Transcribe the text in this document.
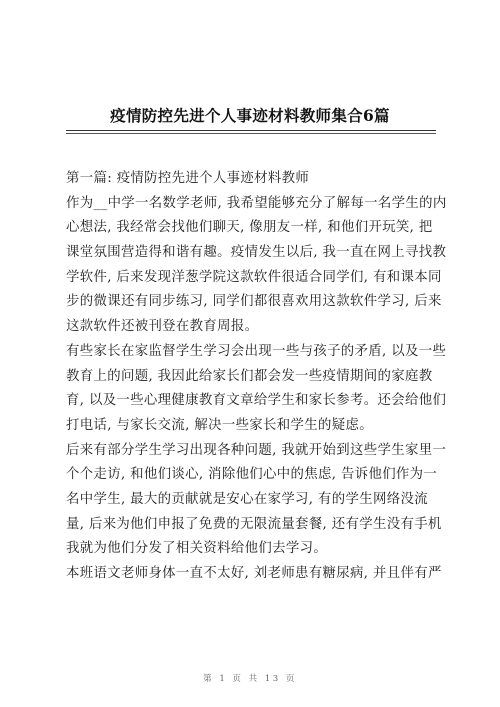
疫情防控先进个人事迹材料教师集合6篇
第一篇: 疫情防控先进个人事迹材料教师
作为__中学一名数学老师, 我希望能够充分了解每一名学生的内
心想法, 我经常会找他们聊天, 像朋友一样, 和他们开玩笑, 把
课堂氛围营造得和谐有趣。疫情发生以后, 我一直在网上寻找教
学软件, 后来发现洋葱学院这款软件很适合同学们, 有和课本同
步的微课还有同步练习, 同学们都很喜欢用这款软件学习, 后来
这款软件还被刊登在教育周报。
有些家长在家监督学生学习会出现一些与孩子的矛盾, 以及一些
教育上的问题, 我因此给家长们都会发一些疫情期间的家庭教
育, 以及一些心理健康教育文章给学生和家长参考。还会给他们
打电话, 与家长交流, 解决一些家长和学生的疑虑。
后来有部分学生学习出现各种问题, 我就开始到这些学生家里一
个个走访, 和他们谈心, 消除他们心中的焦虑, 告诉他们作为一
名中学生, 最大的贡献就是安心在家学习, 有的学生网络没流
量, 后来为他们申报了免费的无限流量套餐, 还有学生没有手机
我就为他们分发了相关资料给他们去学习。
本班语文老师身体一直不太好, 刘老师患有糖尿病, 并且伴有严
第 1 页 共 13 页
